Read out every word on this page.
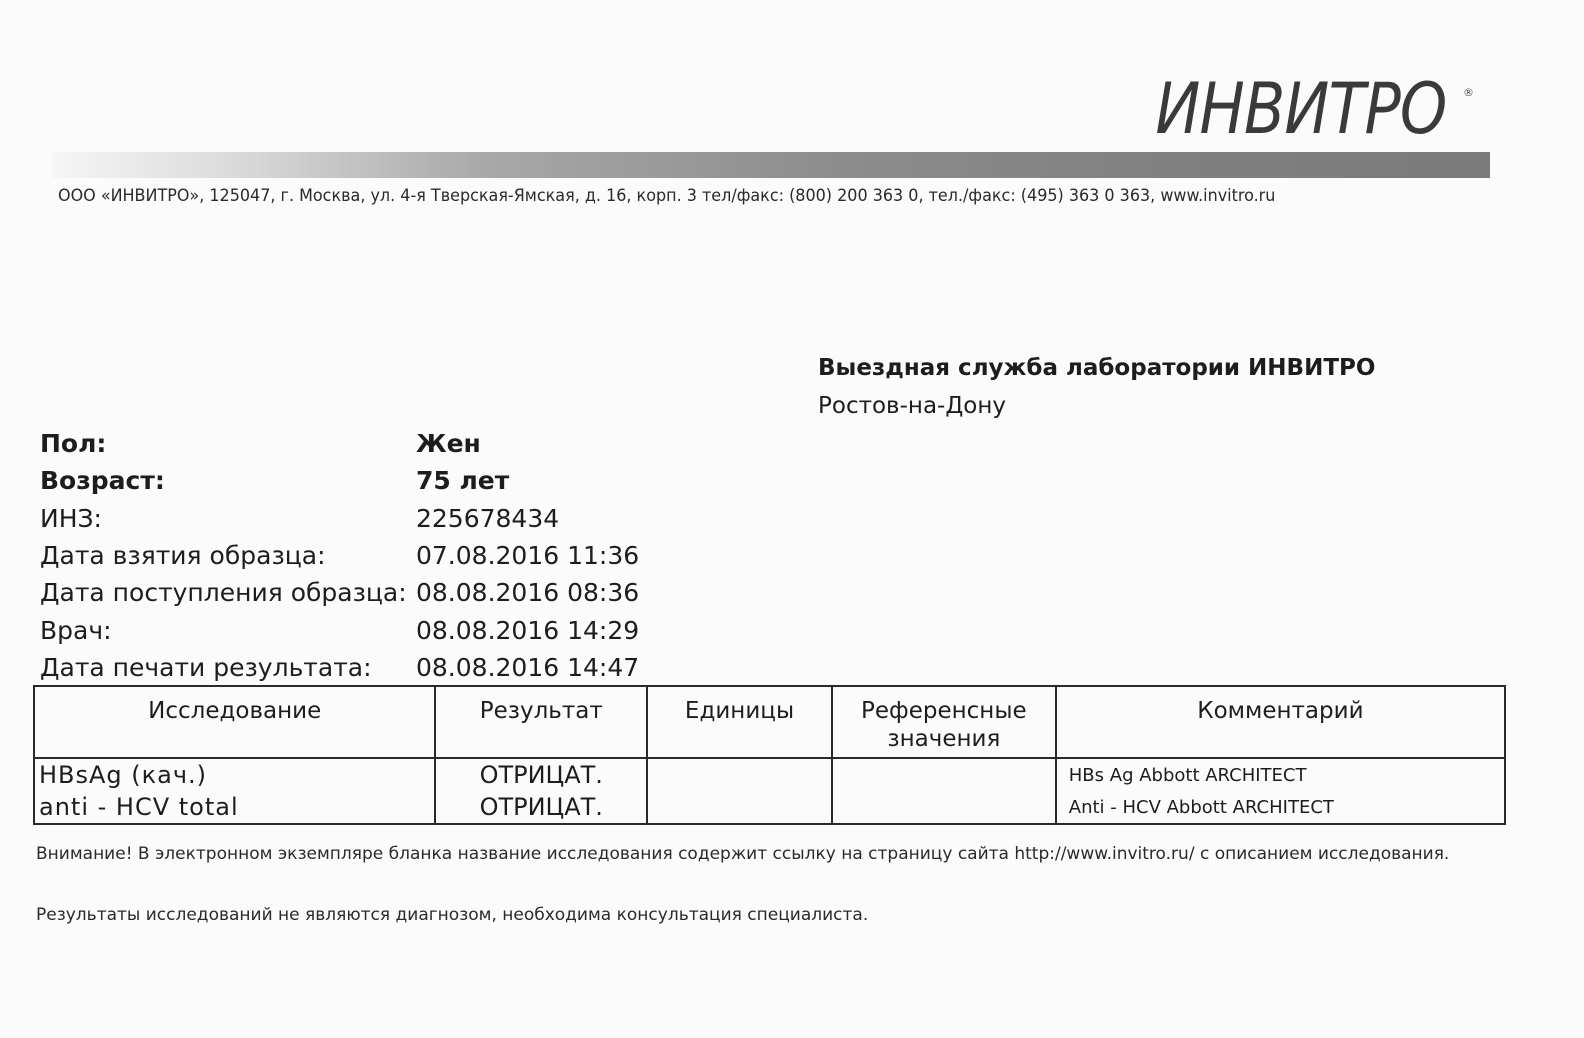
ИНВИТРО ®
ООО «ИНВИТРО», 125047, г. Москва, ул. 4-я Тверская-Ямская, д. 16, корп. 3 тел/факс: (800) 200 363 0, тел./факс: (495) 363 0 363, www.invitro.ru

Выездная служба лаборатории ИНВИТРО

Ростов-на-Дону

Пол:	Жен
Возраст:	75 лет
ИНЗ:	225678434
Дата взятия образца:	07.08.2016 11:36
Дата поступления образца: 08.08.2016 08:36
Врач:	08.08.2016 14:29
Дата печати результата:	08.08.2016 14:47
Исследование	Результат	Единицы	Референсные
значения	Комментарий
HBsAg (кач.)	ОТРИЦАТ.			HBs Ag Abbott ARCHITECT
anti - HCV total	ОТРИЦАТ.			Anti - HCV Abbott ARCHITECT
Внимание! В электронном экземпляре бланка название исследования содержит ссылку на страницу сайта http://www.invitro.ru/ с описанием исследования.
Результаты исследований не являются диагнозом, необходима консультация специалиста.
